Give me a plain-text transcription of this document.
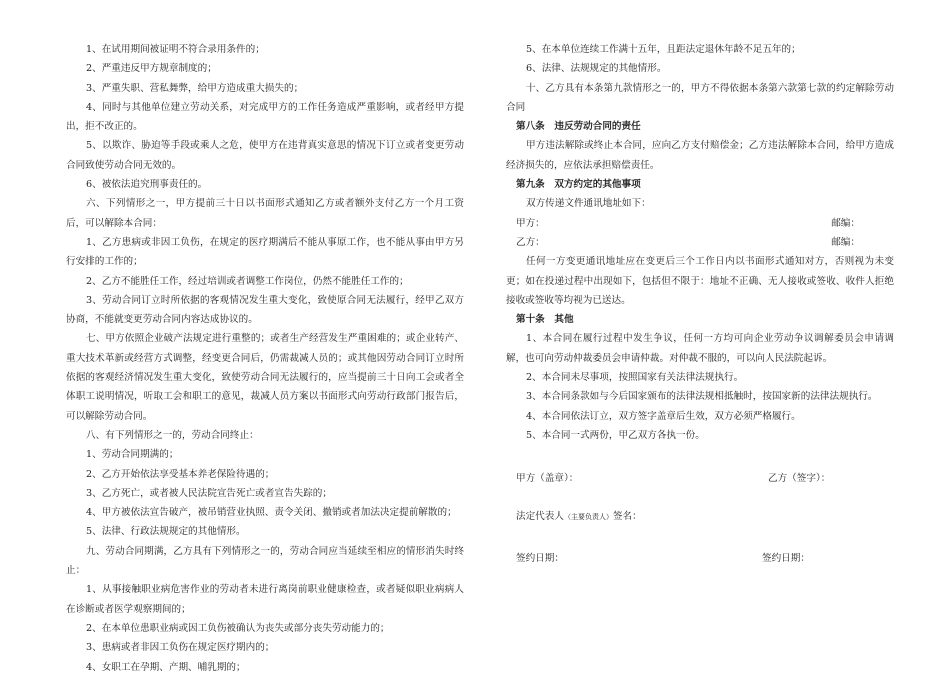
1、在试用期间被证明不符合录用条件的；

2、严重违反甲方规章制度的；

3、严重失职、营私舞弊，给甲方造成重大损失的；

4、同时与其他单位建立劳动关系，对完成甲方的工作任务造成严重影响，或者经甲方提出，拒不改正的。

5、以欺诈、胁迫等手段或乘人之危，使甲方在违背真实意思的情况下订立或者变更劳动合同致使劳动合同无效的。

6、被依法追究刑事责任的。

六、下列情形之一，甲方提前三十日以书面形式通知乙方或者额外支付乙方一个月工资后，可以解除本合同：

1、乙方患病或非因工负伤，在规定的医疗期满后不能从事原工作，也不能从事由甲方另行安排的工作的；

2、乙方不能胜任工作，经过培训或者调整工作岗位，仍然不能胜任工作的；

3、劳动合同订立时所依据的客观情况发生重大变化，致使原合同无法履行，经甲乙双方协商，不能就变更劳动合同内容达成协议的。

七、甲方依照企业破产法规定进行重整的；或者生产经营发生严重困难的；或企业转产、重大技术革新或经营方式调整，经变更合同后，仍需裁减人员的；或其他因劳动合同订立时所依据的客观经济情况发生重大变化，致使劳动合同无法履行的，应当提前三十日向工会或者全体职工说明情况，听取工会和职工的意见，裁减人员方案以书面形式向劳动行政部门报告后，可以解除劳动合同。

八、有下列情形之一的，劳动合同终止：

1、劳动合同期满的；

2、乙方开始依法享受基本养老保险待遇的；

3、乙方死亡，或者被人民法院宣告死亡或者宣告失踪的；

4、甲方被依法宣告破产，被吊销营业执照、责令关闭、撤销或者加法决定提前解散的；

5、法律、行政法规规定的其他情形。

九、劳动合同期满，乙方具有下列情形之一的，劳动合同应当延续至相应的情形消失时终止：

1、从事接触职业病危害作业的劳动者未进行离岗前职业健康检查，或者疑似职业病病人在诊断或者医学观察期间的；

2、在本单位患职业病或因工负伤被确认为丧失或部分丧失劳动能力的；

3、患病或者非因工负伤在规定医疗期内的；

4、女职工在孕期、产期、哺乳期的；

5、在本单位连续工作满十五年，且距法定退休年龄不足五年的；

6、法律、法规规定的其他情形。

十、乙方具有本条第九款情形之一的，甲方不得依据本条第六款第七款的约定解除劳动合同

第八条　违反劳动合同的责任

甲方违法解除或终止本合同，应向乙方支付赔偿金；乙方违法解除本合同，给甲方造成经济损失的，应依法承担赔偿责任。

第九条　双方约定的其他事项

双方传递文件通讯地址如下：

甲方：	邮编：
乙方：	邮编：

任何一方变更通讯地址应在变更后三个工作日内以书面形式通知对方，否则视为未变更；如在投递过程中出现如下，包括但不限于：地址不正确、无人接收或签收、收件人拒绝接收或签收等均视为已送达。

第十条　其他

1、本合同在履行过程中发生争议，任何一方均可向企业劳动争议调解委员会申请调解，也可向劳动仲裁委员会申请仲裁。对仲裁不服的，可以向人民法院起诉。

2、本合同未尽事项，按照国家有关法律法规执行。

3、本合同条款如与今后国家颁布的法律法规相抵触时，按国家新的法律法规执行。

4、本合同依法订立，双方签字盖章后生效，双方必须严格履行。

5、本合同一式两份，甲乙双方各执一份。

甲方（盖章）：	乙方（签字）：
法定代表人（主要负责人）签名：
签约日期：	签约日期：
